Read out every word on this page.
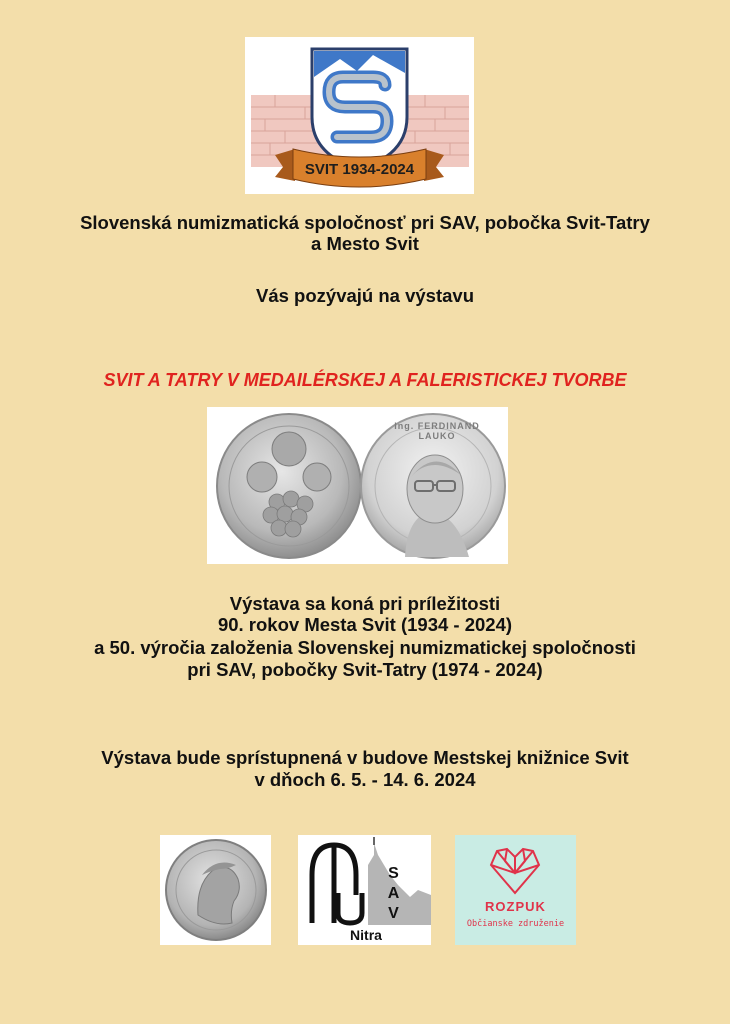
SVIT 1934-2024
Slovenská numizmatická spoločnosť pri SAV, pobočka Svit-Tatry
a Mesto Svit
Vás pozývajú na výstavu
SVIT A TATRY V MEDAILÉRSKEJ A FALERISTICKEJ TVORBE
Ing. FERDINAND LAUKO
Výstava sa koná pri príležitosti
90. rokov Mesta Svit (1934 - 2024)
a 50. výročia založenia Slovenskej numizmatickej spoločnosti
pri SAV, pobočky Svit-Tatry (1974 - 2024)
Výstava bude sprístupnená v budove Mestskej knižnice Svit
v dňoch 6. 5. - 14. 6. 2024
SAV
Nitra
ROZPUK
Občianske združenie
